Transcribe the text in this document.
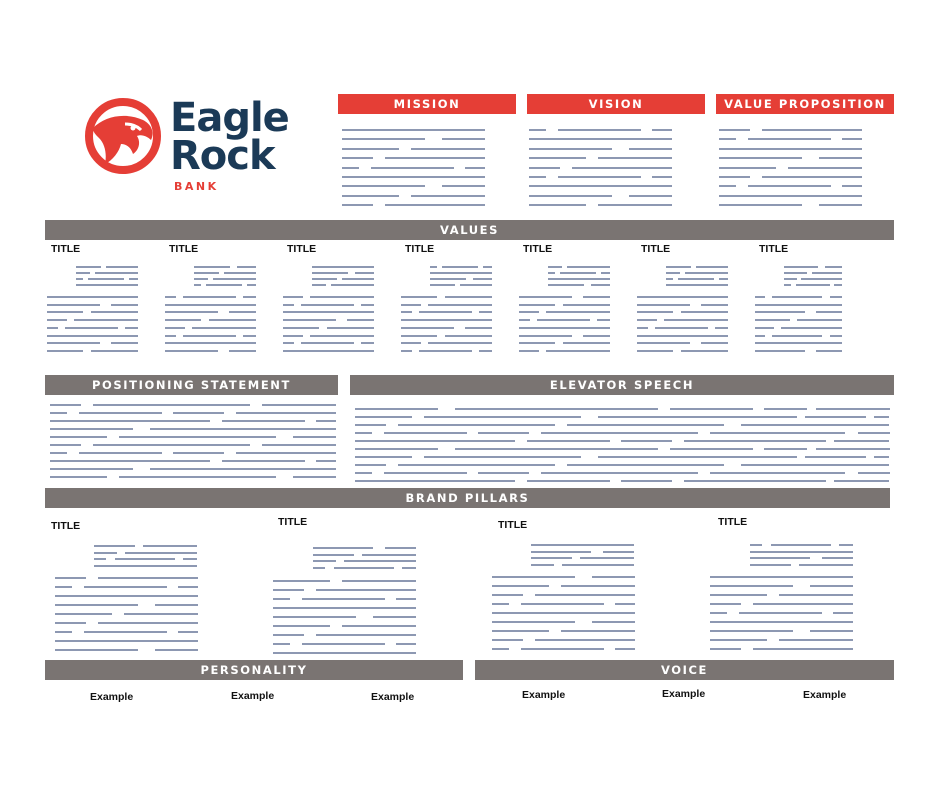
Eagle
Rock
BANK
MISSION	VISION	VALUE PROPOSITION
VALUES
TITLE	TITLE	TITLE	TITLE	TITLE	TITLE	TITLE
POSITIONING STATEMENT	ELEVATOR SPEECH
BRAND PILLARS
TITLE	TITLE	TITLE	TITLE
PERSONALITY	VOICE
Example	Example	Example	Example	Example	Example
